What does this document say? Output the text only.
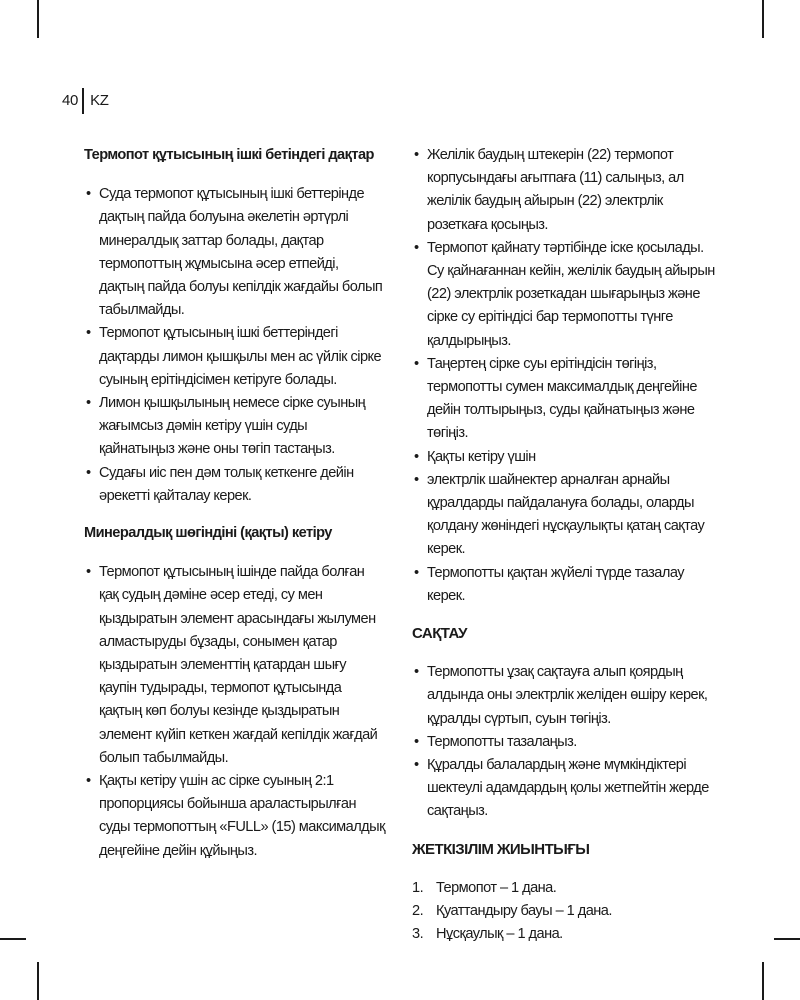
40 KZ
Термопот құтысының ішкі бетіндегі дақтар
• Суда термопот құтысының ішкі беттерінде дақтың пайда болуына әкелетін әртүрлі минералдық заттар болады, дақтар термопоттың жұмысына әсер етпейді, дақтың пайда болуы кепілдік жағдайы болып табылмайды.
• Термопот құтысының ішкі беттеріндегі дақтарды лимон қышқылы мен ас үйлік сірке суының ерітіндісімен кетіруге болады.
• Лимон қышқылының немесе сірке суының жағымсыз дәмін кетіру үшін суды қайнатыңыз және оны төгіп тастаңыз.
• Судағы иіс пен дәм толық кеткенге дейін әрекетті қайталау керек.
Минералдық шөгіндіні (қақты) кетіру
• Термопот құтысының ішінде пайда болған қақ судың дәміне әсер етеді, су мен қыздыратын элемент арасындағы жылумен алмастыруды бұзады, сонымен қатар қыздыратын элементтің қатардан шығу қаупін тудырады, термопот құтысында қақтың көп болуы кезінде қыздыратын элемент күйіп кеткен жағдай кепілдік жағдай болып табылмайды.
• Қақты кетіру үшін ас сірке суының 2:1 пропорциясы бойынша араластырылған суды термопоттың «FULL» (15) максималдық деңгейіне дейін құйыңыз.
• Желілік баудың штекерін (22) термопот корпусындағы ағытпаға (11) салыңыз, ал желілік баудың айырын (22) электрлік розеткаға қосыңыз.
• Термопот қайнату тәртібінде іске қосылады. Су қайнағаннан кейін, желілік баудың айырын (22) электрлік розеткадан шығарыңыз және сірке су ерітіндісі бар термопотты түнге қалдырыңыз.
• Таңертең сірке суы ерітіндісін төгіңіз, термопотты сумен максималдық деңгейіне дейін толтырыңыз, суды қайнатыңыз және төгіңіз.
• Қақты кетіру үшін
• электрлік шайнектер арналған арнайы құралдарды пайдалануға болады, оларды қолдану жөніндегі нұсқаулықты қатаң сақтау керек.
• Термопотты қақтан жүйелі түрде тазалау керек.
САҚТАУ
• Термопотты ұзақ сақтауға алып қоярдың алдында оны электрлік желіден өшіру керек, құралды сүртып, суын төгіңіз.
• Термопотты тазалаңыз.
• Құралды балалардың және мүмкіндіктері шектеулі адамдардың қолы жетпейтін жерде сақтаңыз.
ЖЕТКІЗІЛІМ ЖИЫНТЫҒЫ
1. Термопот – 1 дана.
2. Қуаттандыру бауы – 1 дана.
3. Нұсқаулық – 1 дана.
